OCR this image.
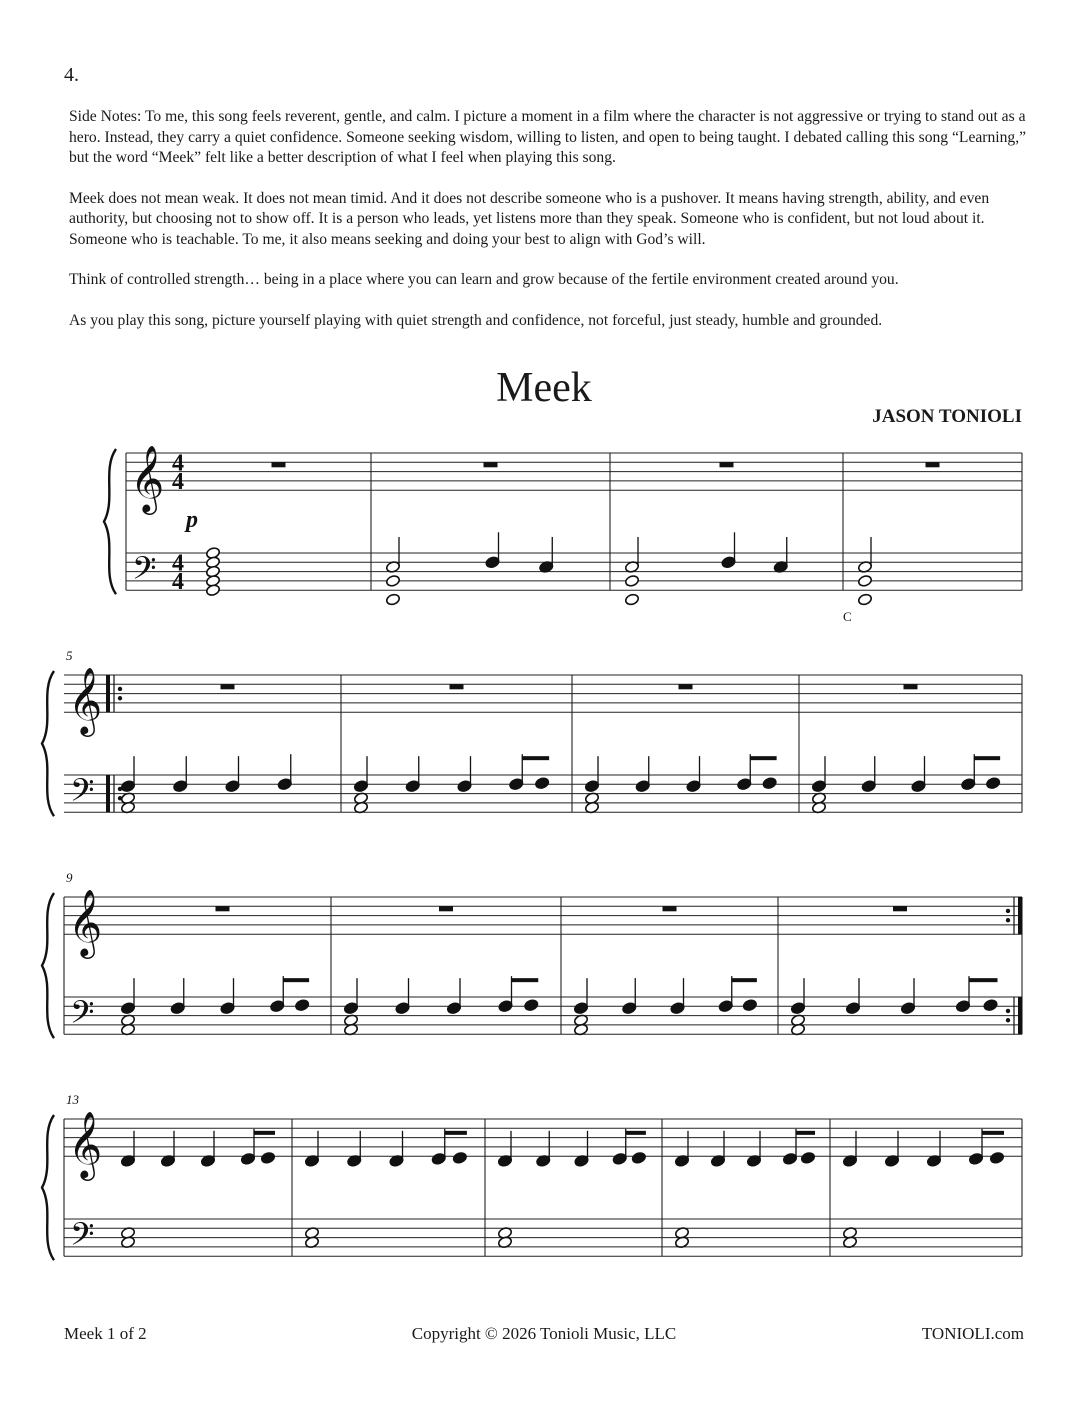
4.

Side Notes: To me, this song feels reverent, gentle, and calm. I picture a moment in a film where the character is not aggressive or trying to stand out as a hero. Instead, they carry a quiet confidence. Someone seeking wisdom, willing to listen, and open to being taught. I debated calling this song “Learning,” but the word “Meek” felt like a better description of what I feel when playing this song.

Meek does not mean weak. It does not mean timid. And it does not describe someone who is a pushover. It means having strength, ability, and even authority, but choosing not to show off. It is a person who leads, yet listens more than they speak. Someone who is confident, but not loud about it. Someone who is teachable. To me, it also means seeking and doing your best to align with God’s will.

Think of controlled strength… being in a place where you can learn and grow because of the fertile environment created around you.

As you play this song, picture yourself playing with quiet strength and confidence, not forceful, just steady, humble and grounded.

Meek
JASON TONIOLI
𝄞
𝄢
𝄞
𝄢
𝄞
𝄢
𝄞
𝄢
4
4
4
4
p
C
5
9
13
Meek 1 of 2	Copyright © 2026 Tonioli Music, LLC	TONIOLI.com
